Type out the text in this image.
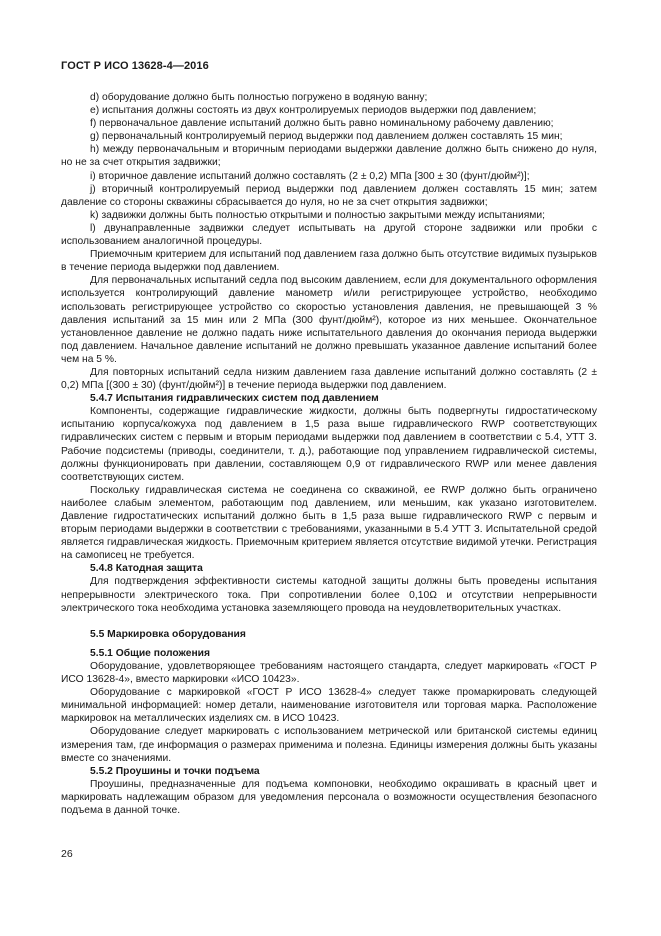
ГОСТ Р ИСО 13628-4—2016

d) оборудование должно быть полностью погружено в водяную ванну;

e) испытания должны состоять из двух контролируемых периодов выдержки под давлением;

f) первоначальное давление испытаний должно быть равно номинальному рабочему давлению;

g) первоначальный контролируемый период выдержки под давлением должен составлять 15 мин;

h) между первоначальным и вторичным периодами выдержки давление должно быть снижено до нуля, но не за счет открытия задвижки;

i) вторичное давление испытаний должно составлять (2 ± 0,2) МПа [300 ± 30 (фунт/дюйм²)];

j) вторичный контролируемый период выдержки под давлением должен составлять 15 мин; затем давление со стороны скважины сбрасывается до нуля, но не за счет открытия задвижки;

k) задвижки должны быть полностью открытыми и полностью закрытыми между испытаниями;

l) двунаправленные задвижки следует испытывать на другой стороне задвижки или пробки с использованием аналогичной процедуры.

Приемочным критерием для испытаний под давлением газа должно быть отсутствие видимых пузырьков в течение периода выдержки под давлением.

Для первоначальных испытаний седла под высоким давлением, если для документального оформления используется контролирующий давление манометр и/или регистрирующее устройство, необходимо использовать регистрирующее устройство со скоростью установления давления, не превышающей 3 % давления испытаний за 15 мин или 2 МПа (300 фунт/дюйм²), которое из них меньшее. Окончательное установленное давление не должно падать ниже испытательного давления до окончания периода выдержки под давлением. Начальное давление испытаний не должно превышать указанное давление испытаний более чем на 5 %.

Для повторных испытаний седла низким давлением газа давление испытаний должно составлять (2 ± 0,2) МПа [(300 ± 30) (фунт/дюйм²)] в течение периода выдержки под давлением.

5.4.7 Испытания гидравлических систем под давлением

Компоненты, содержащие гидравлические жидкости, должны быть подвергнуты гидростатическому испытанию корпуса/кожуха под давлением в 1,5 раза выше гидравлического RWP соответствующих гидравлических систем с первым и вторым периодами выдержки под давлением в соответствии с 5.4, УТТ 3. Рабочие подсистемы (приводы, соединители, т. д.), работающие под управлением гидравлической системы, должны функционировать при давлении, составляющем 0,9 от гидравлического RWP или менее давления соответствующих систем.

Поскольку гидравлическая система не соединена со скважиной, ее RWP должно быть ограничено наиболее слабым элементом, работающим под давлением, или меньшим, как указано изготовителем. Давление гидростатических испытаний должно быть в 1,5 раза выше гидравлического RWP с первым и вторым периодами выдержки в соответствии с требованиями, указанными в 5.4 УТТ 3. Испытательной средой является гидравлическая жидкость. Приемочным критерием является отсутствие видимой утечки. Регистрация на самописец не требуется.

5.4.8 Катодная защита

Для подтверждения эффективности системы катодной защиты должны быть проведены испытания непрерывности электрического тока. При сопротивлении более 0,10Ω и отсутствии непрерывности электрического тока необходима установка заземляющего провода на неудовлетворительных участках.

5.5 Маркировка оборудования
5.5.1 Общие положения

Оборудование, удовлетворяющее требованиям настоящего стандарта, следует маркировать «ГОСТ Р ИСО 13628-4», вместо маркировки «ИСО 10423».

Оборудование с маркировкой «ГОСТ Р ИСО 13628-4» следует также промаркировать следующей минимальной информацией: номер детали, наименование изготовителя или торговая марка. Расположение маркировок на металлических изделиях см. в ИСО 10423.

Оборудование следует маркировать с использованием метрической или британской системы единиц измерения там, где информация о размерах применима и полезна. Единицы измерения должны быть указаны вместе со значениями.

5.5.2 Проушины и точки подъема

Проушины, предназначенные для подъема компоновки, необходимо окрашивать в красный цвет и маркировать надлежащим образом для уведомления персонала о возможности осуществления безопасного подъема в данной точке.

26
